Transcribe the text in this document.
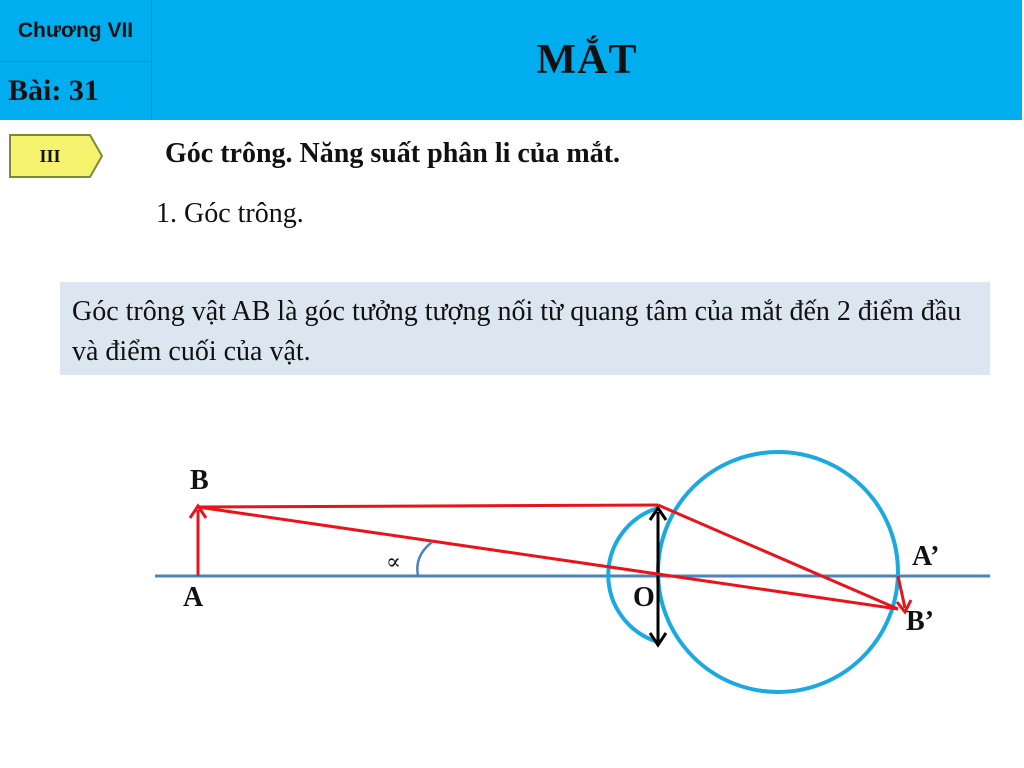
Chương VII
Bài: 31
MẮT
III	Góc trông. Năng suất phân li của mắt.
1. Góc trông.
Góc trông vật AB là góc tưởng tượng nối từ quang tâm của mắt đến 2 điểm đầu và điểm cuối của vật.
B
A	O
A’
B’
∝
